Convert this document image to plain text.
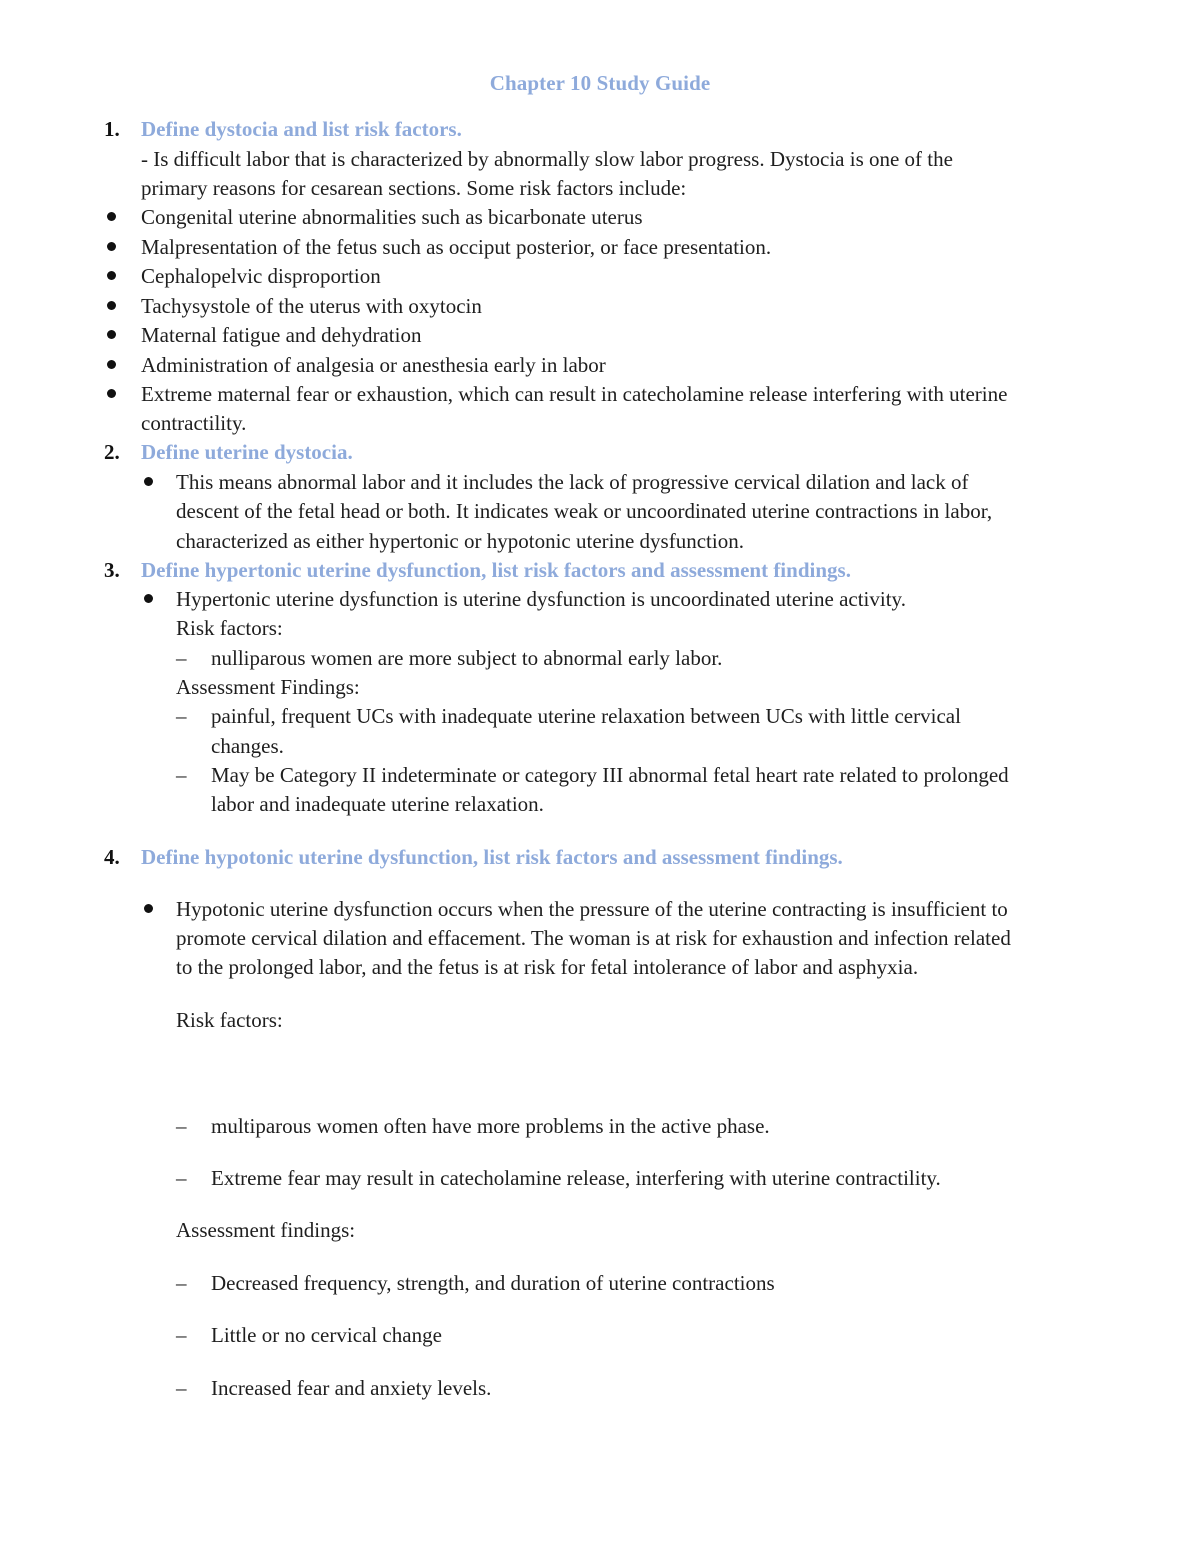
Chapter 10 Study Guide
1. Define dystocia and list risk factors.
- Is difficult labor that is characterized by abnormally slow labor progress. Dystocia is one of the
primary reasons for cesarean sections. Some risk factors include:
Congenital uterine abnormalities such as bicarbonate uterus
Malpresentation of the fetus such as occiput posterior, or face presentation.
Cephalopelvic disproportion
Tachysystole of the uterus with oxytocin
Maternal fatigue and dehydration
Administration of analgesia or anesthesia early in labor
Extreme maternal fear or exhaustion, which can result in catecholamine release interfering with uterine
contractility.
2. Define uterine dystocia.
This means abnormal labor and it includes the lack of progressive cervical dilation and lack of
descent of the fetal head or both. It indicates weak or uncoordinated uterine contractions in labor,
characterized as either hypertonic or hypotonic uterine dysfunction.
3. Define hypertonic uterine dysfunction, list risk factors and assessment findings.
Hypertonic uterine dysfunction is uterine dysfunction is uncoordinated uterine activity.
Risk factors:
– nulliparous women are more subject to abnormal early labor.
Assessment Findings:
– painful, frequent UCs with inadequate uterine relaxation between UCs with little cervical
changes.
– May be Category II indeterminate or category III abnormal fetal heart rate related to prolonged
labor and inadequate uterine relaxation.
4. Define hypotonic uterine dysfunction, list risk factors and assessment findings.
Hypotonic uterine dysfunction occurs when the pressure of the uterine contracting is insufficient to
promote cervical dilation and effacement. The woman is at risk for exhaustion and infection related
to the prolonged labor, and the fetus is at risk for fetal intolerance of labor and asphyxia.
Risk factors:
– multiparous women often have more problems in the active phase.
– Extreme fear may result in catecholamine release, interfering with uterine contractility.
Assessment findings:
– Decreased frequency, strength, and duration of uterine contractions
– Little or no cervical change
– Increased fear and anxiety levels.
